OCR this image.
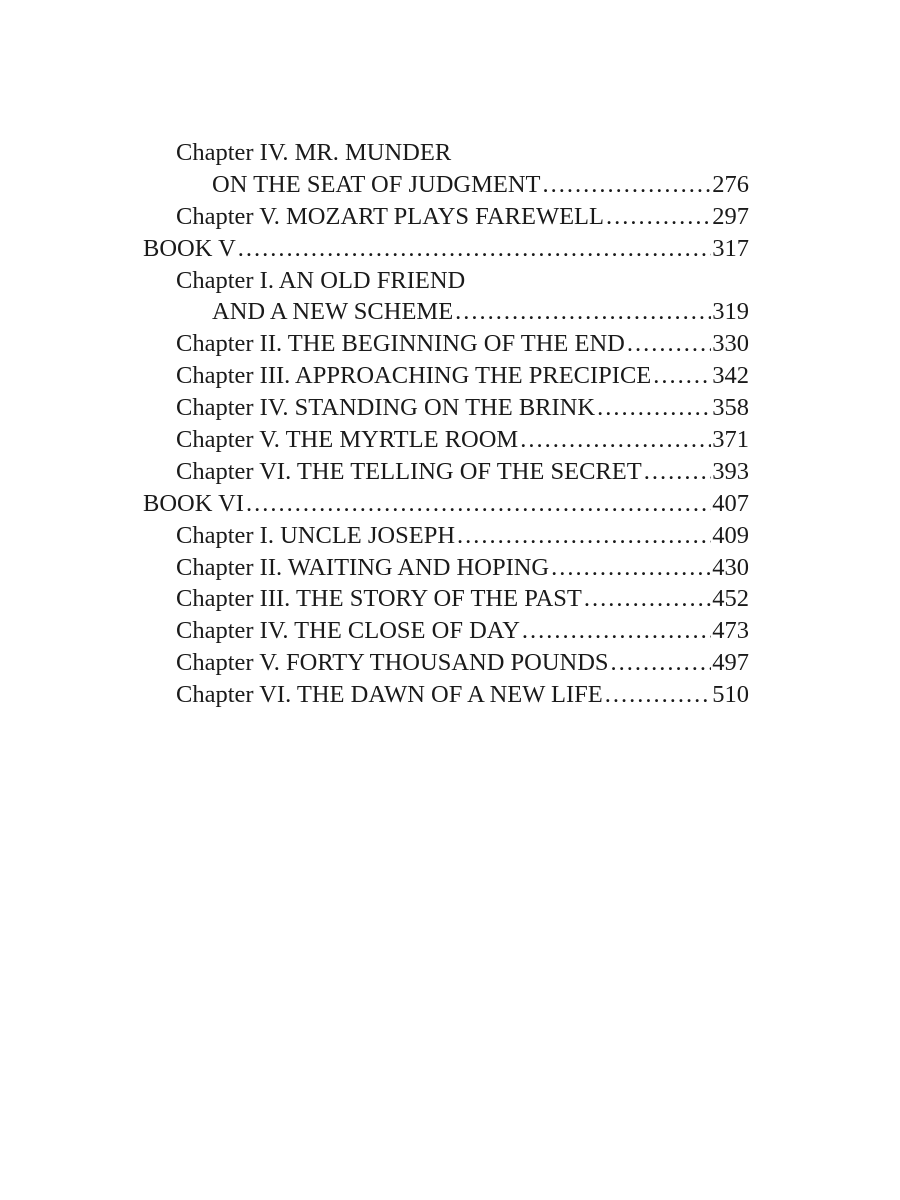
Chapter IV. MR. MUNDER
ON THE SEAT OF JUDGMENT .....	276
Chapter V. MOZART PLAYS FAREWELL .....	297
BOOK V .....	317
Chapter I. AN OLD FRIEND
AND A NEW SCHEME .....	319
Chapter II. THE BEGINNING OF THE END .....	330
Chapter III. APPROACHING THE PRECIPICE ..... 342
Chapter IV. STANDING ON THE BRINK .....	358
Chapter V. THE MYRTLE ROOM .....	371
Chapter VI. THE TELLING OF THE SECRET .....	393
BOOK VI .....	407
Chapter I. UNCLE JOSEPH .....	409
Chapter II. WAITING AND HOPING .....	430
Chapter III. THE STORY OF THE PAST .....	452
Chapter IV. THE CLOSE OF DAY .....	473
Chapter V. FORTY THOUSAND POUNDS .....	497
Chapter VI. THE DAWN OF A NEW LIFE .....	510
